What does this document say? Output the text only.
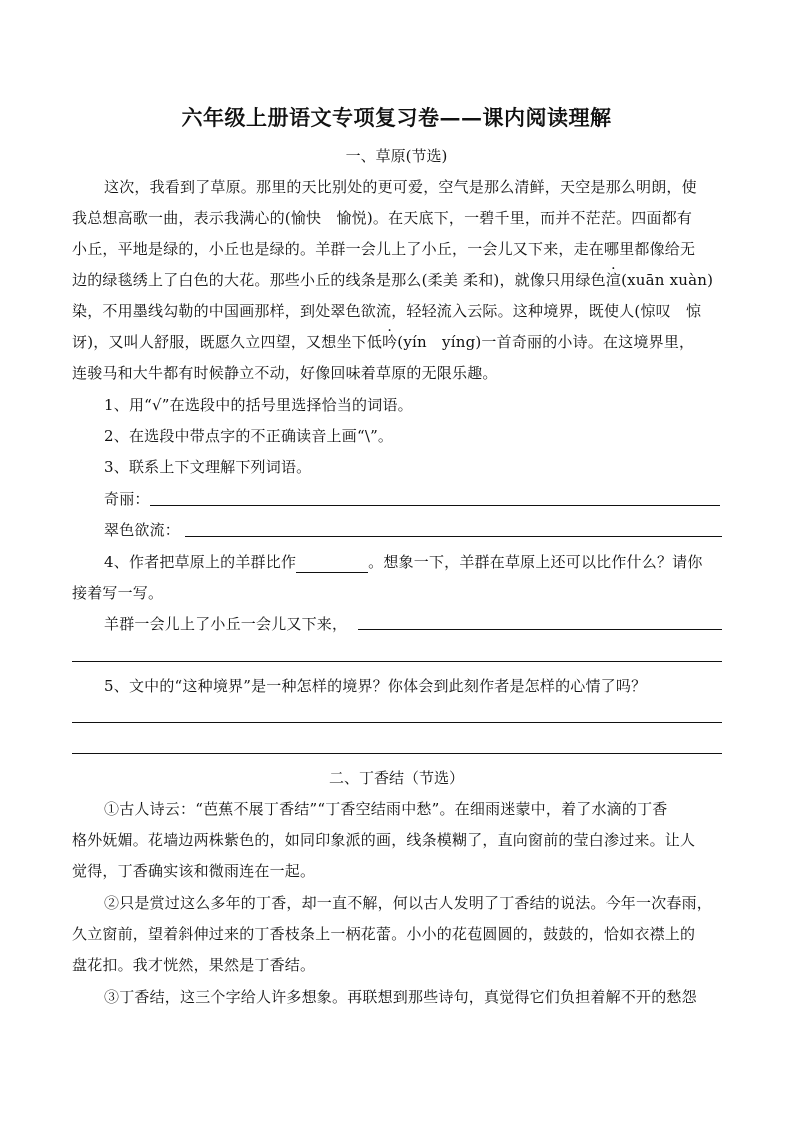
六年级上册语文专项复习卷——课内阅读理解
一、草原(节选)
这次，我看到了草原。那里的天比别处的更可爱，空气是那么清鲜，天空是那么明朗，使
我总想高歌一曲，表示我满心的(愉快　愉悦)。在天底下，一碧千里，而并不茫茫。四面都有
小丘，平地是绿的，小丘也是绿的。羊群一会儿上了小丘，一会儿又下来，走在哪里都像给无
边的绿毯绣上了白色的大花。那些小丘的线条是那么(柔美 柔和)，就像只用绿色渲(xuān xuàn)
染，不用墨线勾勒的中国画那样，到处翠色欲流，轻轻流入云际。这种境界，既使人(惊叹　惊
讶)，又叫人舒服，既愿久立四望，又想坐下低吟(yín　yíng)一首奇丽的小诗。在这境界里，
连骏马和大牛都有时候静立不动，好像回味着草原的无限乐趣。
1、用“√”在选段中的括号里选择恰当的词语。
2、在选段中带点字的不正确读音上画“\”。
3、联系上下文理解下列词语。
奇丽：
翠色欲流：
4、作者把草原上的羊群比作	。想象一下，羊群在草原上还可以比作什么？请你
接着写一写。
羊群一会儿上了小丘一会儿又下来，
5、文中的“这种境界”是一种怎样的境界？你体会到此刻作者是怎样的心情了吗？
二、丁香结（节选）
①古人诗云：“芭蕉不展丁香结”“丁香空结雨中愁”。在细雨迷蒙中，着了水滴的丁香
格外妩媚。花墙边两株紫色的，如同印象派的画，线条模糊了，直向窗前的莹白渗过来。让人
觉得，丁香确实该和微雨连在一起。
②只是赏过这么多年的丁香，却一直不解，何以古人发明了丁香结的说法。今年一次春雨，
久立窗前，望着斜伸过来的丁香枝条上一柄花蕾。小小的花苞圆圆的，鼓鼓的，恰如衣襟上的
盘花扣。我才恍然，果然是丁香结。
③丁香结，这三个字给人许多想象。再联想到那些诗句，真觉得它们负担着解不开的愁怨
